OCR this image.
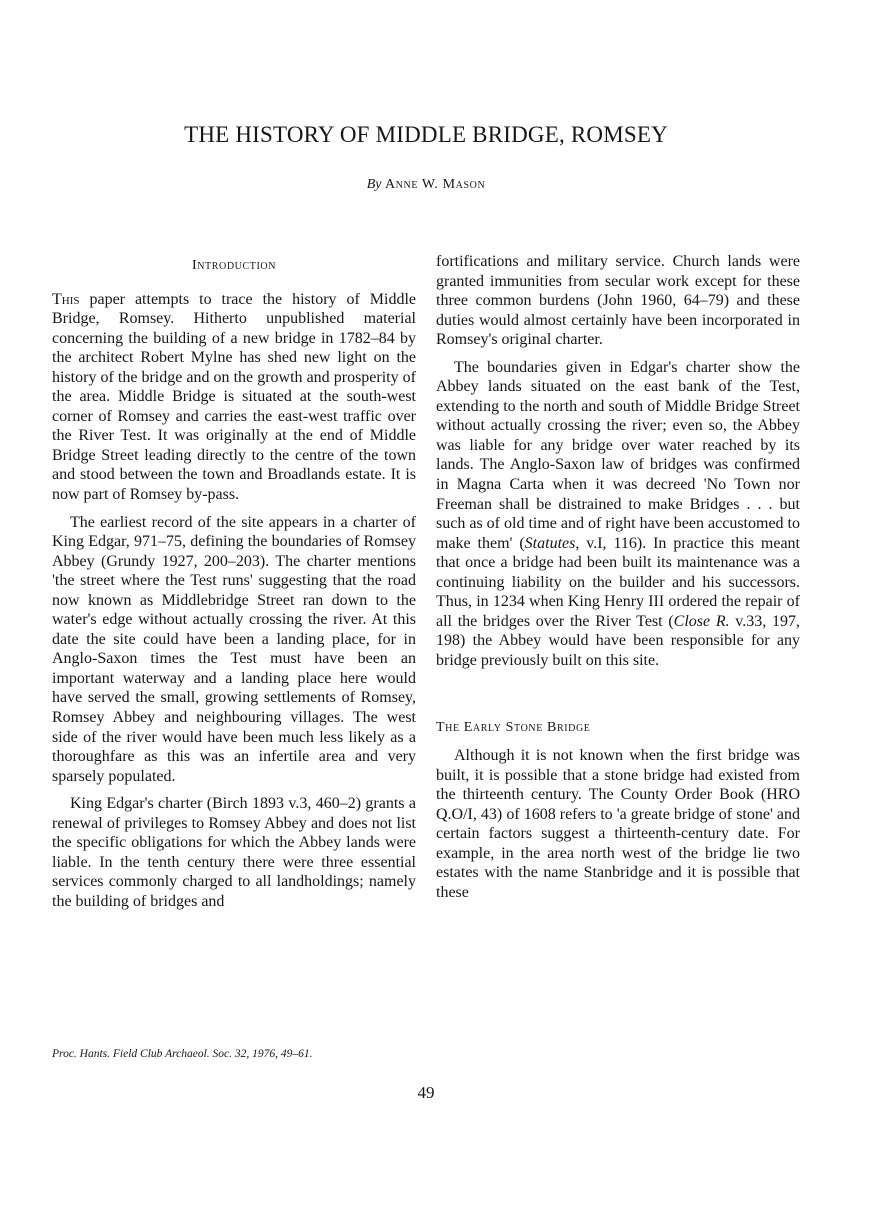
THE HISTORY OF MIDDLE BRIDGE, ROMSEY
By Anne W. Mason
Introduction

This paper attempts to trace the history of Middle Bridge, Romsey. Hitherto unpublished material concerning the building of a new bridge in 1782–84 by the architect Robert Mylne has shed new light on the history of the bridge and on the growth and prosperity of the area. Middle Bridge is situated at the south-west corner of Romsey and carries the east-west traffic over the River Test. It was originally at the end of Middle Bridge Street leading directly to the centre of the town and stood between the town and Broadlands estate. It is now part of Romsey by-pass.

The earliest record of the site appears in a charter of King Edgar, 971–75, defining the boundaries of Romsey Abbey (Grundy 1927, 200–203). The charter mentions 'the street where the Test runs' suggesting that the road now known as Middlebridge Street ran down to the water's edge without actually crossing the river. At this date the site could have been a landing place, for in Anglo-Saxon times the Test must have been an important waterway and a landing place here would have served the small, growing settlements of Romsey, Romsey Abbey and neighbouring villages. The west side of the river would have been much less likely as a thoroughfare as this was an infertile area and very sparsely populated.

King Edgar's charter (Birch 1893 v.3, 460–2) grants a renewal of privileges to Romsey Abbey and does not list the specific obligations for which the Abbey lands were liable. In the tenth century there were three essential services commonly charged to all landholdings; namely the building of bridges and

fortifications and military service. Church lands were granted immunities from secular work except for these three common burdens (John 1960, 64–79) and these duties would almost certainly have been incorporated in Romsey's original charter.

The boundaries given in Edgar's charter show the Abbey lands situated on the east bank of the Test, extending to the north and south of Middle Bridge Street without actually crossing the river; even so, the Abbey was liable for any bridge over water reached by its lands. The Anglo-Saxon law of bridges was confirmed in Magna Carta when it was decreed 'No Town nor Freeman shall be distrained to make Bridges . . . but such as of old time and of right have been accustomed to make them' (Statutes, v.I, 116). In practice this meant that once a bridge had been built its maintenance was a continuing liability on the builder and his successors. Thus, in 1234 when King Henry III ordered the repair of all the bridges over the River Test (Close R. v.33, 197, 198) the Abbey would have been responsible for any bridge previously built on this site.

The Early Stone Bridge

Although it is not known when the first bridge was built, it is possible that a stone bridge had existed from the thirteenth century. The County Order Book (HRO Q.O/I, 43) of 1608 refers to 'a greate bridge of stone' and certain factors suggest a thirteenth-century date. For example, in the area north west of the bridge lie two estates with the name Stanbridge and it is possible that these

Proc. Hants. Field Club Archaeol. Soc. 32, 1976, 49–61.
49
